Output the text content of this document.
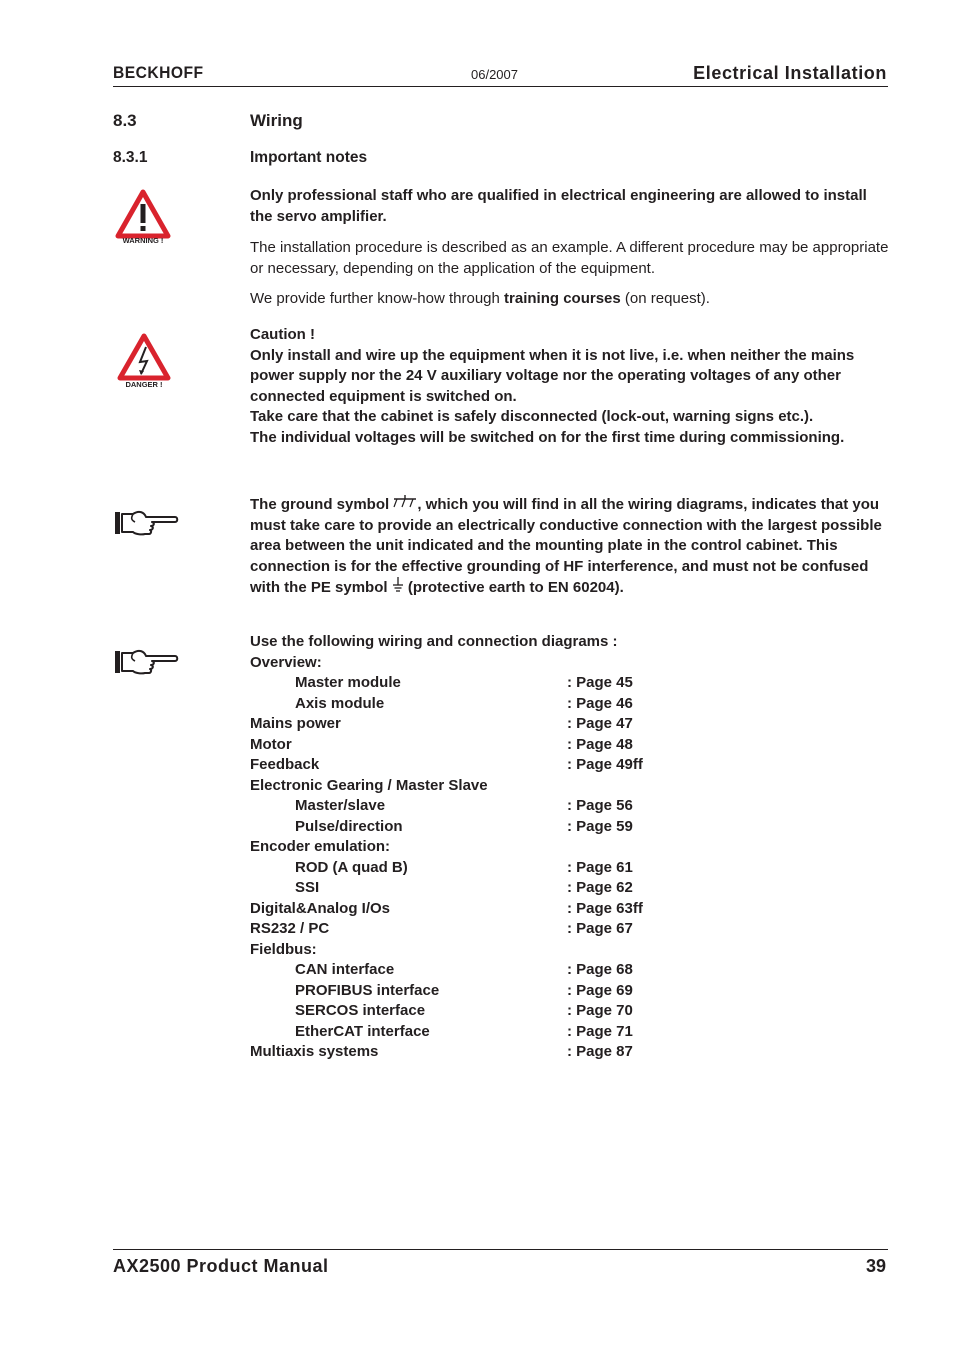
BECKHOFF	06/2007	Electrical Installation
8.3	Wiring
8.3.1	Important notes
WARNING !
Only professional staff who are qualified in electrical engineering are allowed to install the servo amplifier.
The installation procedure is described as an example. A different procedure may be appropriate or necessary, depending on the application of the equipment.
We provide further know-how through training courses (on request).
DANGER !
Caution !
Only install and wire up the equipment when it is not live, i.e. when neither the mains power supply nor the 24 V auxiliary voltage nor the operating voltages of any other connected equipment is switched on.
Take care that the cabinet is safely disconnected (lock-out, warning signs etc.).
The individual voltages will be switched on for the first time during commissioning.
The ground symbol , which you will find in all the wiring diagrams, indicates that you must take care to provide an electrically conductive connection with the largest possible area between the unit indicated and the mounting plate in the control cabinet. This connection is for the effective grounding of HF interference, and must not be confused with the PE symbol  (protective earth to EN 60204).
Use the following wiring and connection diagrams :
Overview:
Master module	: Page 45
Axis module	: Page 46
Mains power	: Page 47
Motor	: Page 48
Feedback	: Page 49ff
Electronic Gearing / Master Slave
Master/slave	: Page 56
Pulse/direction	: Page 59
Encoder emulation:
ROD (A quad B)	: Page 61
SSI	: Page 62
Digital&Analog I/Os	: Page 63ff
RS232 / PC	: Page 67
Fieldbus:
CAN interface	: Page 68
PROFIBUS interface	: Page 69
SERCOS interface	: Page 70
EtherCAT interface	: Page 71
Multiaxis systems	: Page 87
AX2500 Product Manual	39
